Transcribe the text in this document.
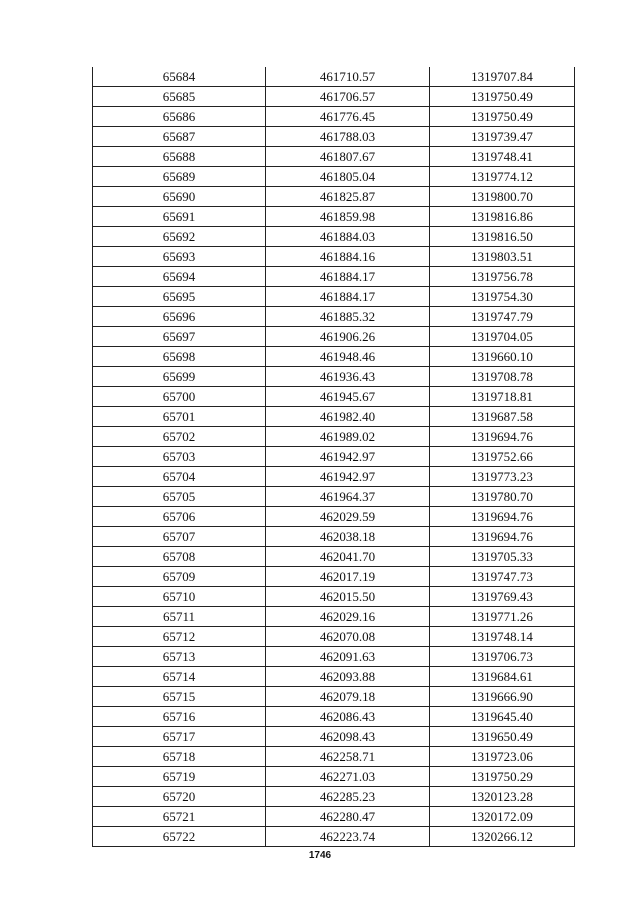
65684	461710.57	1319707.84
65685	461706.57	1319750.49
65686	461776.45	1319750.49
65687	461788.03	1319739.47
65688	461807.67	1319748.41
65689	461805.04	1319774.12
65690	461825.87	1319800.70
65691	461859.98	1319816.86
65692	461884.03	1319816.50
65693	461884.16	1319803.51
65694	461884.17	1319756.78
65695	461884.17	1319754.30
65696	461885.32	1319747.79
65697	461906.26	1319704.05
65698	461948.46	1319660.10
65699	461936.43	1319708.78
65700	461945.67	1319718.81
65701	461982.40	1319687.58
65702	461989.02	1319694.76
65703	461942.97	1319752.66
65704	461942.97	1319773.23
65705	461964.37	1319780.70
65706	462029.59	1319694.76
65707	462038.18	1319694.76
65708	462041.70	1319705.33
65709	462017.19	1319747.73
65710	462015.50	1319769.43
65711	462029.16	1319771.26
65712	462070.08	1319748.14
65713	462091.63	1319706.73
65714	462093.88	1319684.61
65715	462079.18	1319666.90
65716	462086.43	1319645.40
65717	462098.43	1319650.49
65718	462258.71	1319723.06
65719	462271.03	1319750.29
65720	462285.23	1320123.28
65721	462280.47	1320172.09
65722	462223.74	1320266.12
1746
